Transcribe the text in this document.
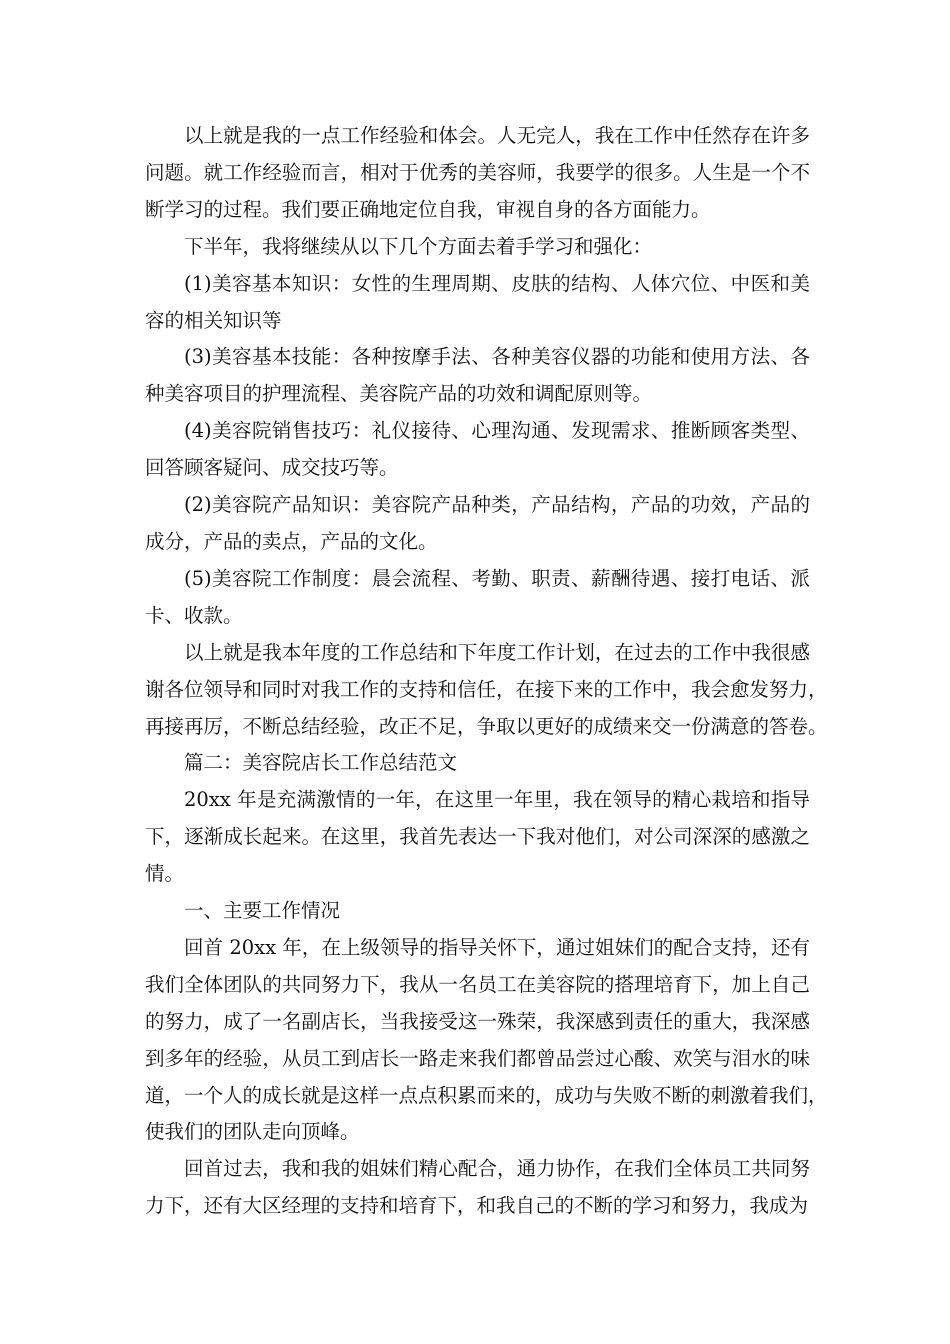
以上就是我的一点工作经验和体会。人无完人，我在工作中任然存在许多
问题。就工作经验而言，相对于优秀的美容师，我要学的很多。人生是一个不
断学习的过程。我们要正确地定位自我，审视自身的各方面能力。
下半年，我将继续从以下几个方面去着手学习和强化：
(1)美容基本知识：女性的生理周期、皮肤的结构、人体穴位、中医和美
容的相关知识等
(3)美容基本技能：各种按摩手法、各种美容仪器的功能和使用方法、各
种美容项目的护理流程、美容院产品的功效和调配原则等。
(4)美容院销售技巧：礼仪接待、心理沟通、发现需求、推断顾客类型、
回答顾客疑问、成交技巧等。
(2)美容院产品知识：美容院产品种类，产品结构，产品的功效，产品的
成分，产品的卖点，产品的文化。
(5)美容院工作制度：晨会流程、考勤、职责、薪酬待遇、接打电话、派
卡、收款。
以上就是我本年度的工作总结和下年度工作计划，在过去的工作中我很感
谢各位领导和同时对我工作的支持和信任，在接下来的工作中，我会愈发努力，
再接再厉，不断总结经验，改正不足，争取以更好的成绩来交一份满意的答卷。
篇二：美容院店长工作总结范文
20xx 年是充满激情的一年，在这里一年里，我在领导的精心栽培和指导
下，逐渐成长起来。在这里，我首先表达一下我对他们，对公司深深的感激之
情。
一、主要工作情况
回首 20xx 年，在上级领导的指导关怀下，通过姐妹们的配合支持，还有
我们全体团队的共同努力下，我从一名员工在美容院的搭理培育下，加上自己
的努力，成了一名副店长，当我接受这一殊荣，我深感到责任的重大，我深感
到多年的经验，从员工到店长一路走来我们都曾品尝过心酸、欢笑与泪水的味
道，一个人的成长就是这样一点点积累而来的，成功与失败不断的刺激着我们，
使我们的团队走向顶峰。
回首过去，我和我的姐妹们精心配合，通力协作，在我们全体员工共同努
力下，还有大区经理的支持和培育下，和我自己的不断的学习和努力，我成为
